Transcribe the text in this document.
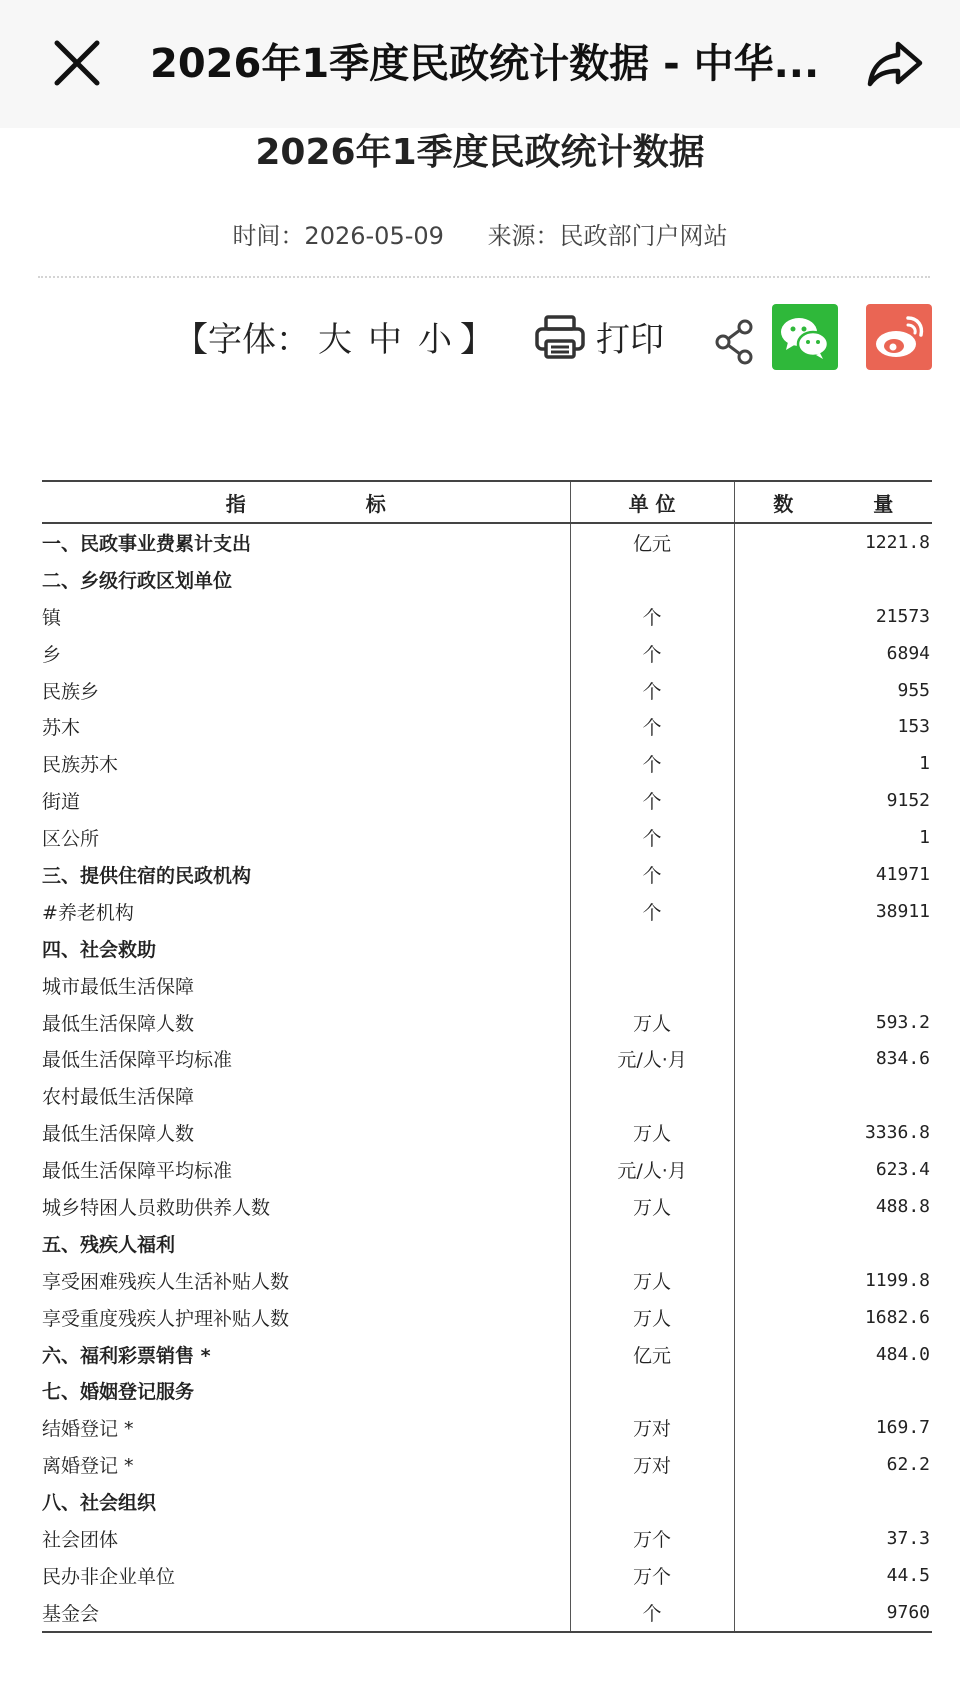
2026年1季度民政统计数据 - 中华...
2026年1季度民政统计数据
时间：2026-05-09 来源：民政部门户网站
【字体： 大 中 小 】	打印
指　　　　　　标	单 位	数　　　　量
一、民政事业费累计支出	亿元	1221.8
二、乡级行政区划单位		
镇	个	21573
乡	个	6894
民族乡	个	955
苏木	个	153
民族苏木	个	1
街道	个	9152
区公所	个	1
三、提供住宿的民政机构	个	41971
#养老机构	个	38911
四、社会救助		
城市最低生活保障		
最低生活保障人数	万人	593.2
最低生活保障平均标准	元/人·月	834.6
农村最低生活保障		
最低生活保障人数	万人	3336.8
最低生活保障平均标准	元/人·月	623.4
城乡特困人员救助供养人数	万人	488.8
五、残疾人福利		
享受困难残疾人生活补贴人数	万人	1199.8
享受重度残疾人护理补贴人数	万人	1682.6
六、福利彩票销售 *	亿元	484.0
七、婚姻登记服务		
结婚登记 *	万对	169.7
离婚登记 *	万对	62.2
八、社会组织		
社会团体	万个	37.3
民办非企业单位	万个	44.5
基金会	个	9760
